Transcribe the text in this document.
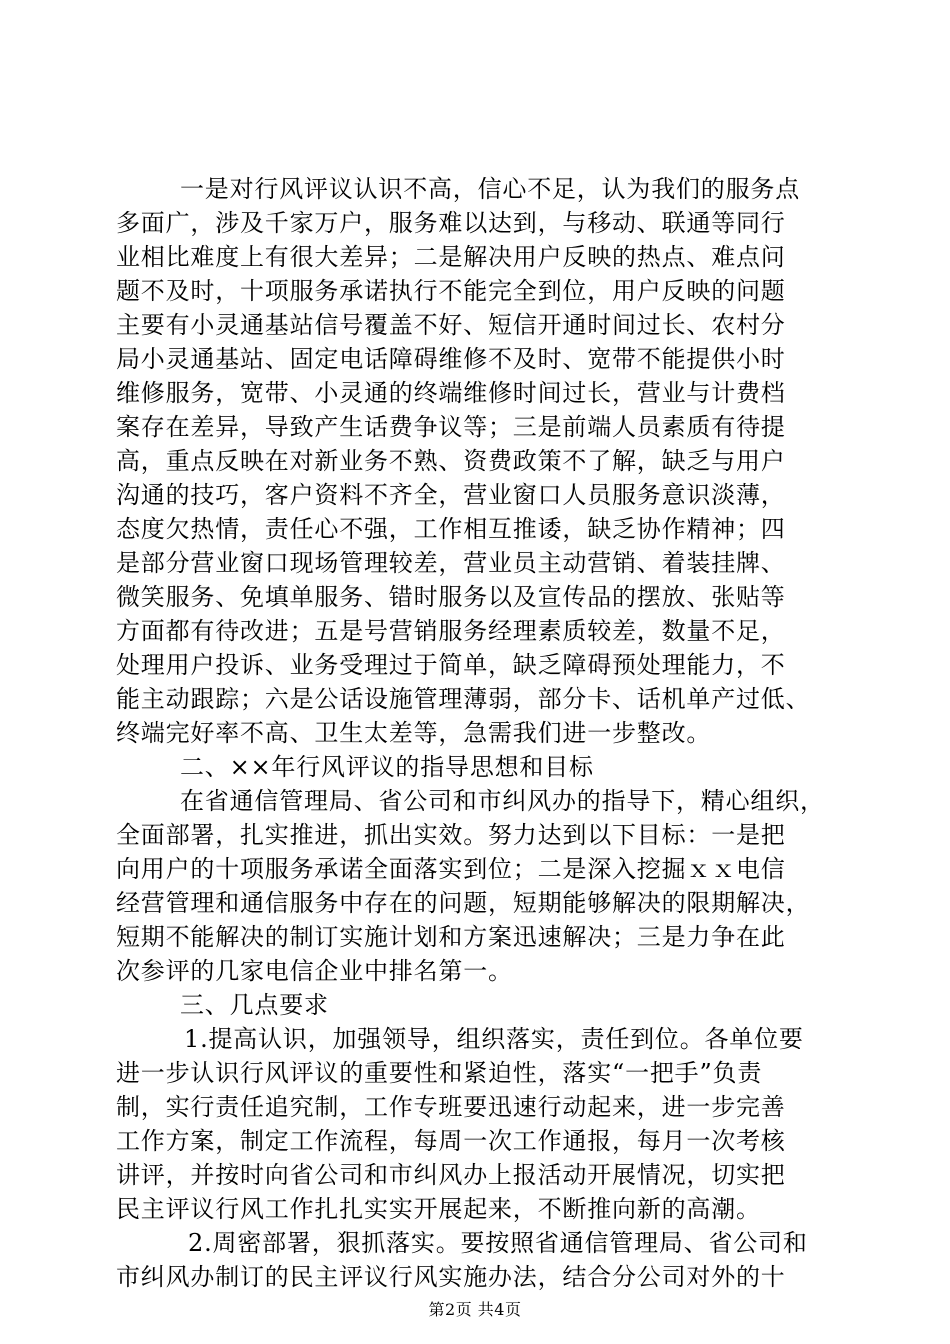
一是对行风评议认识不高，信心不足，认为我们的服务点
多面广，涉及千家万户，服务难以达到，与移动、联通等同行
业相比难度上有很大差异；二是解决用户反映的热点、难点问
题不及时，十项服务承诺执行不能完全到位，用户反映的问题
主要有小灵通基站信号覆盖不好、短信开通时间过长、农村分
局小灵通基站、固定电话障碍维修不及时、宽带不能提供小时
维修服务，宽带、小灵通的终端维修时间过长，营业与计费档
案存在差异，导致产生话费争议等；三是前端人员素质有待提
高，重点反映在对新业务不熟、资费政策不了解，缺乏与用户
沟通的技巧，客户资料不齐全，营业窗口人员服务意识淡薄，
态度欠热情，责任心不强，工作相互推诿，缺乏协作精神；四
是部分营业窗口现场管理较差，营业员主动营销、着装挂牌、
微笑服务、免填单服务、错时服务以及宣传品的摆放、张贴等
方面都有待改进；五是号营销服务经理素质较差，数量不足，
处理用户投诉、业务受理过于简单，缺乏障碍预处理能力，不
能主动跟踪；六是公话设施管理薄弱，部分卡、话机单产过低、
终端完好率不高、卫生太差等，急需我们进一步整改。
二、××年行风评议的指导思想和目标
在省通信管理局、省公司和市纠风办的指导下，精心组织，
全面部署，扎实推进，抓出实效。努力达到以下目标：一是把
向用户的十项服务承诺全面落实到位；二是深入挖掘ｘｘ电信
经营管理和通信服务中存在的问题，短期能够解决的限期解决，
短期不能解决的制订实施计划和方案迅速解决；三是力争在此
次参评的几家电信企业中排名第一。
三、几点要求
1.提高认识，加强领导，组织落实，责任到位。各单位要
进一步认识行风评议的重要性和紧迫性，落实“一把手”负责
制，实行责任追究制，工作专班要迅速行动起来，进一步完善
工作方案，制定工作流程，每周一次工作通报，每月一次考核
讲评，并按时向省公司和市纠风办上报活动开展情况，切实把
民主评议行风工作扎扎实实开展起来，不断推向新的高潮。
2.周密部署，狠抓落实。要按照省通信管理局、省公司和
市纠风办制订的民主评议行风实施办法，结合分公司对外的十
第2页 共4页
